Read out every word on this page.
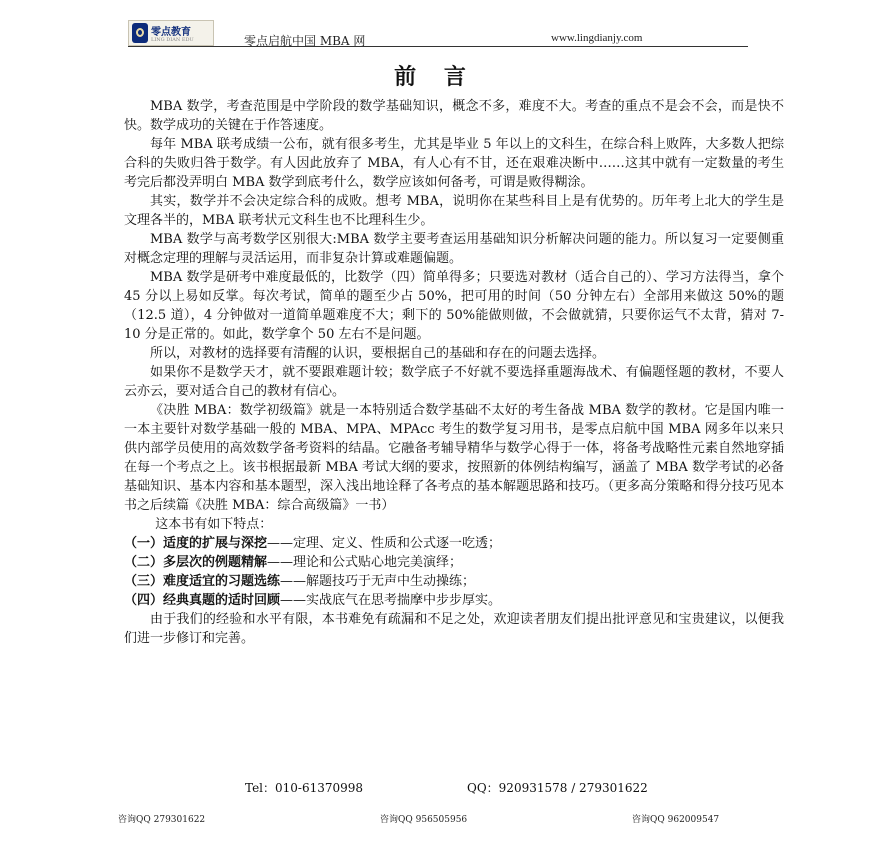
零点教育
LING DIAN EDU	零点启航中国 MBA 网	www.lingdianjy.com
前 言

MBA 数学，考查范围是中学阶段的数学基础知识，概念不多，难度不大。考查的重点不是会不会，而是快不快。数学成功的关键在于作答速度。

每年 MBA 联考成绩一公布，就有很多考生，尤其是毕业 5 年以上的文科生，在综合科上败阵，大多数人把综合科的失败归咎于数学。有人因此放弃了 MBA，有人心有不甘，还在艰难决断中……这其中就有一定数量的考生考完后都没弄明白 MBA 数学到底考什么，数学应该如何备考，可谓是败得糊涂。

其实，数学并不会决定综合科的成败。想考 MBA，说明你在某些科目上是有优势的。历年考上北大的学生是文理各半的，MBA 联考状元文科生也不比理科生少。

MBA 数学与高考数学区别很大:MBA 数学主要考查运用基础知识分析解决问题的能力。所以复习一定要侧重对概念定理的理解与灵活运用，而非复杂计算或难题偏题。

MBA 数学是研考中难度最低的，比数学（四）简单得多；只要选对教材（适合自己的）、学习方法得当，拿个 45 分以上易如反掌。每次考试，简单的题至少占 50%，把可用的时间（50 分钟左右）全部用来做这 50%的题（12.5 道），4 分钟做对一道简单题难度不大；剩下的 50%能做则做，不会做就猜，只要你运气不太背，猜对 7-10 分是正常的。如此，数学拿个 50 左右不是问题。

所以，对教材的选择要有清醒的认识，要根据自己的基础和存在的问题去选择。

如果你不是数学天才，就不要跟难题计较；数学底子不好就不要选择重题海战术、有偏题怪题的教材，不要人云亦云，要对适合自己的教材有信心。

《决胜 MBA：数学初级篇》就是一本特别适合数学基础不太好的考生备战 MBA 数学的教材。它是国内唯一一本主要针对数学基础一般的 MBA、MPA、MPAcc 考生的数学复习用书，是零点启航中国 MBA 网多年以来只供内部学员使用的高效数学备考资料的结晶。它融备考辅导精华与数学心得于一体，将备考战略性元素自然地穿插在每一个考点之上。该书根据最新 MBA 考试大纲的要求，按照新的体例结构编写，涵盖了 MBA 数学考试的必备基础知识、基本内容和基本题型，深入浅出地诠释了各考点的基本解题思路和技巧。（更多高分策略和得分技巧见本书之后续篇《决胜 MBA：综合高级篇》一书）

这本书有如下特点：

（一）适度的扩展与深挖——定理、定义、性质和公式逐一吃透；

（二）多层次的例题精解——理论和公式贴心地完美演绎；

（三）难度适宜的习题选练——解题技巧于无声中生动操练；

（四）经典真题的适时回顾——实战底气在思考揣摩中步步厚实。

由于我们的经验和水平有限，本书难免有疏漏和不足之处，欢迎读者朋友们提出批评意见和宝贵建议，以便我们进一步修订和完善。

Tel：010-61370998	QQ：920931578 / 279301622
咨询QQ 279301622	咨询QQ 956505956	咨询QQ 962009547
